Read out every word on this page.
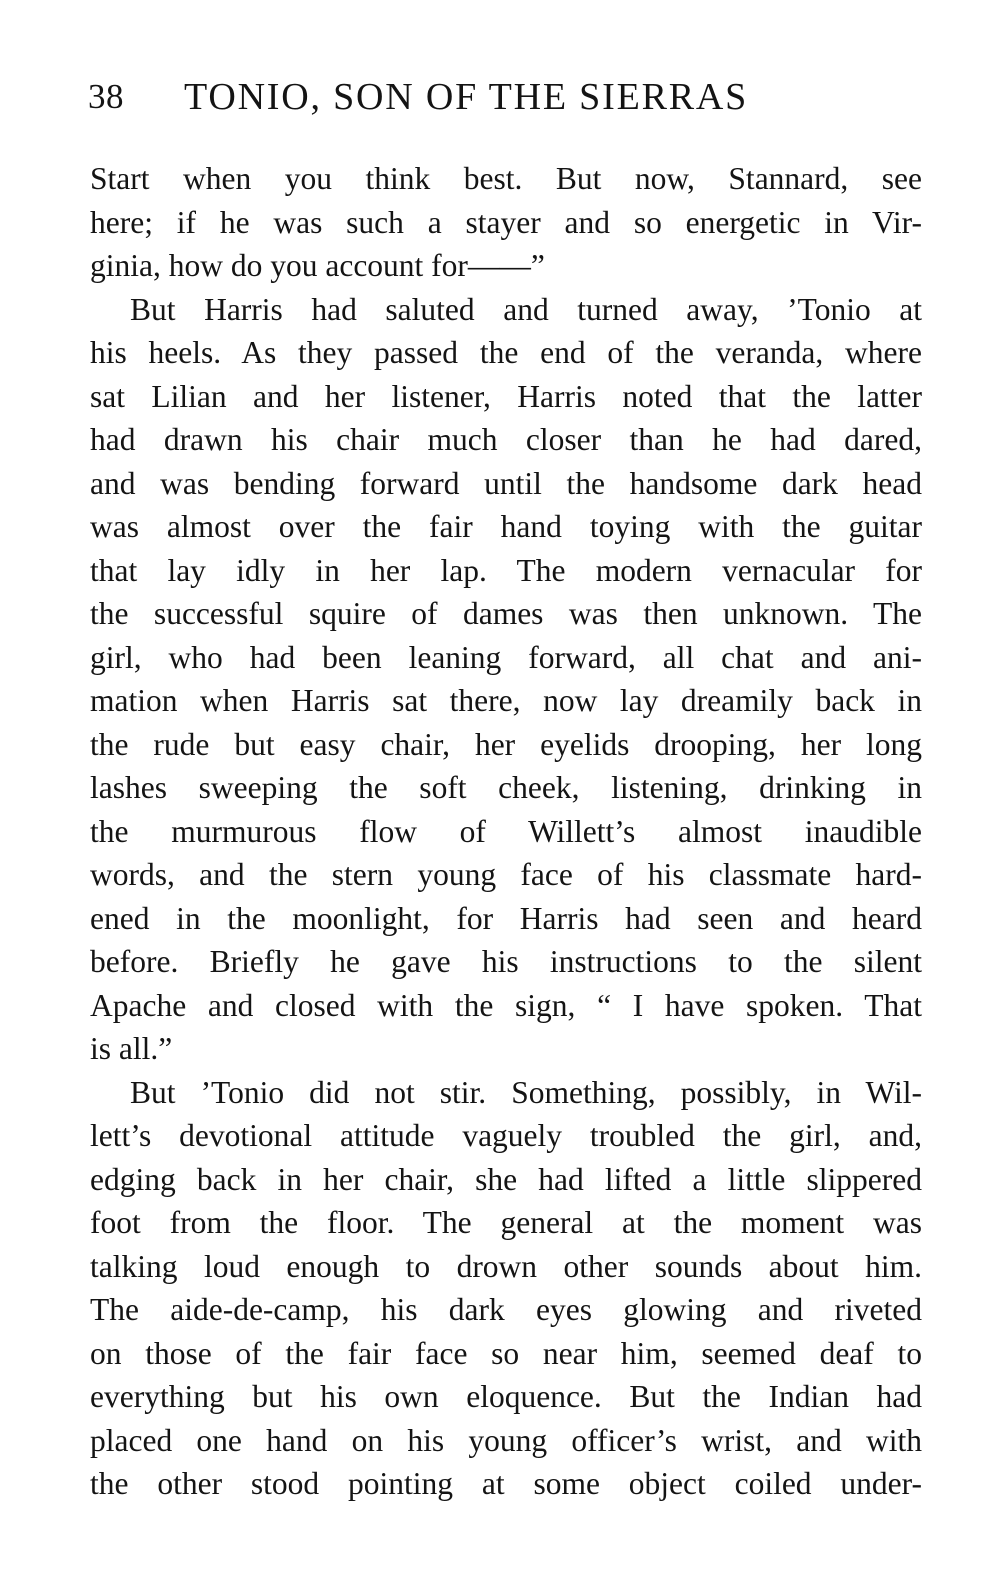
38 TONIO, SON OF THE SIERRAS
Start when you think best. But now, Stannard, see
here; if he was such a stayer and so energetic in Vir-
ginia, how do you account for——”
But Harris had saluted and turned away, ’Tonio at
his heels. As they passed the end of the veranda, where
sat Lilian and her listener, Harris noted that the latter
had drawn his chair much closer than he had dared,
and was bending forward until the handsome dark head
was almost over the fair hand toying with the guitar
that lay idly in her lap. The modern vernacular for
the successful squire of dames was then unknown. The
girl, who had been leaning forward, all chat and ani-
mation when Harris sat there, now lay dreamily back in
the rude but easy chair, her eyelids drooping, her long
lashes sweeping the soft cheek, listening, drinking in
the murmurous flow of Willett’s almost inaudible
words, and the stern young face of his classmate hard-
ened in the moonlight, for Harris had seen and heard
before. Briefly he gave his instructions to the silent
Apache and closed with the sign, “ I have spoken. That
is all.”
But ’Tonio did not stir. Something, possibly, in Wil-
lett’s devotional attitude vaguely troubled the girl, and,
edging back in her chair, she had lifted a little slippered
foot from the floor. The general at the moment was
talking loud enough to drown other sounds about him.
The aide-de-camp, his dark eyes glowing and riveted
on those of the fair face so near him, seemed deaf to
everything but his own eloquence. But the Indian had
placed one hand on his young officer’s wrist, and with
the other stood pointing at some object coiled under-
